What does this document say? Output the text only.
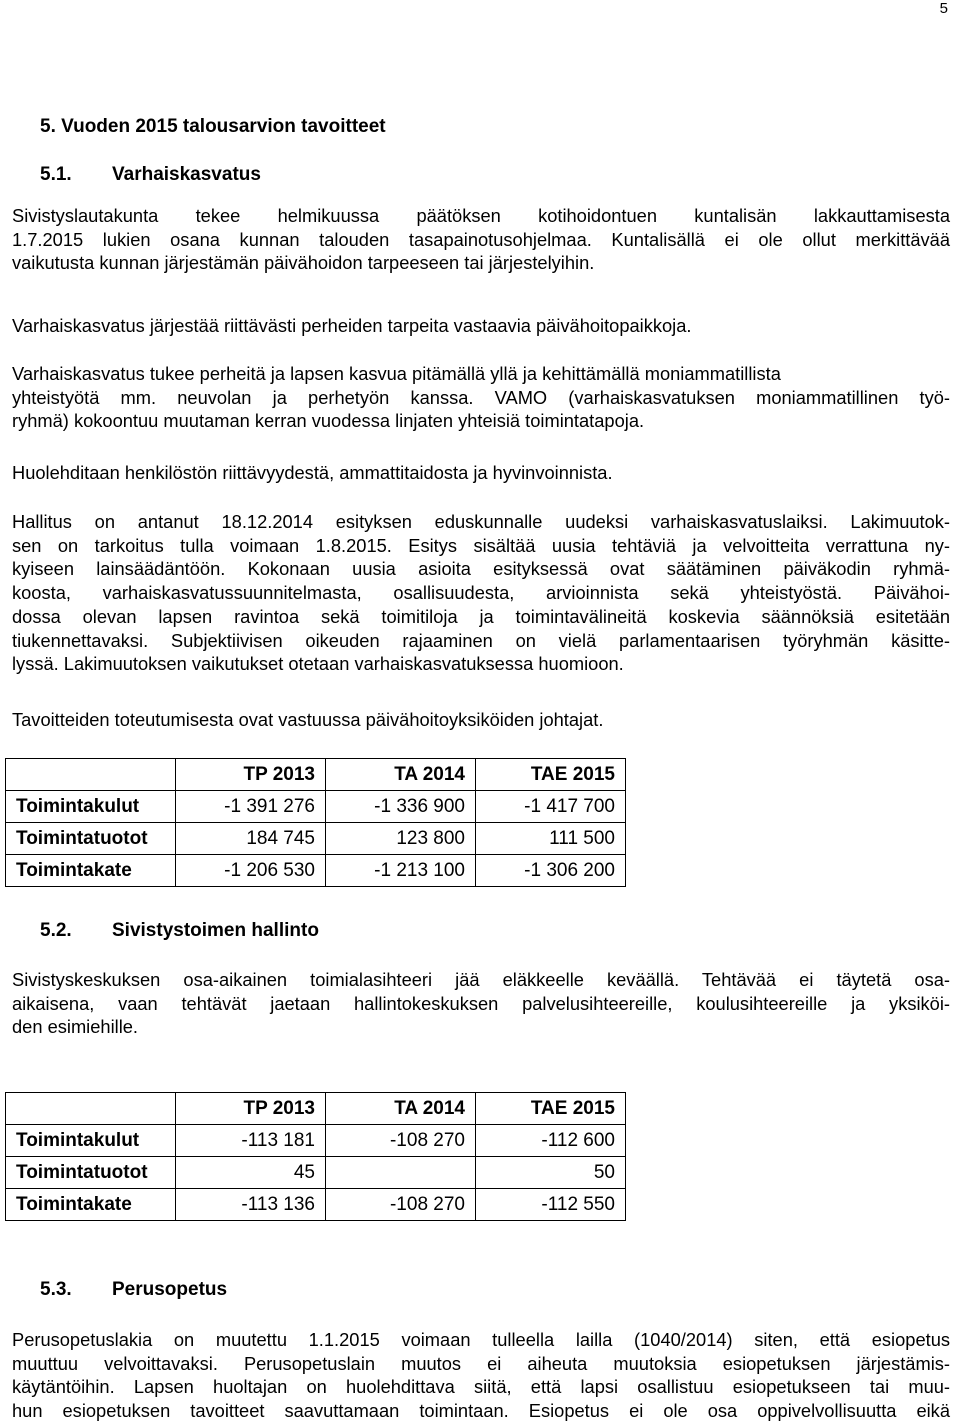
5
5. Vuoden 2015 talousarvion tavoitteet
5.1. Varhaiskasvatus
Sivistyslautakunta tekee helmikuussa päätöksen kotihoidontuen kuntalisän lakkauttamisesta
1.7.2015 lukien osana kunnan talouden tasapainotusohjelmaa. Kuntalisällä ei ole ollut merkittävää
vaikutusta kunnan järjestämän päivähoidon tarpeeseen tai järjestelyihin.
Varhaiskasvatus järjestää riittävästi perheiden tarpeita vastaavia päivähoitopaikkoja.
Varhaiskasvatus tukee perheitä ja lapsen kasvua pitämällä yllä ja kehittämällä moniammatillista
yhteistyötä mm. neuvolan ja perhetyön kanssa. VAMO (varhaiskasvatuksen moniammatillinen työ-
ryhmä) kokoontuu muutaman kerran vuodessa linjaten yhteisiä toimintatapoja.
Huolehditaan henkilöstön riittävyydestä, ammattitaidosta ja hyvinvoinnista.
Hallitus on antanut 18.12.2014 esityksen eduskunnalle uudeksi varhaiskasvatuslaiksi. Lakimuutok-
sen on tarkoitus tulla voimaan 1.8.2015. Esitys sisältää uusia tehtäviä ja velvoitteita verrattuna ny-
kyiseen lainsäädäntöön. Kokonaan uusia asioita esityksessä ovat säätäminen päiväkodin ryhmä-
koosta, varhaiskasvatussuunnitelmasta, osallisuudesta, arvioinnista sekä yhteistyöstä. Päivähoi-
dossa olevan lapsen ravintoa sekä toimitiloja ja toimintavälineitä koskevia säännöksiä esitetään
tiukennettavaksi. Subjektiivisen oikeuden rajaaminen on vielä parlamentaarisen työryhmän käsitte-
lyssä. Lakimuutoksen vaikutukset otetaan varhaiskasvatuksessa huomioon.
Tavoitteiden toteutumisesta ovat vastuussa päivähoitoyksiköiden johtajat.
	TP 2013	TA 2014	TAE 2015
Toimintakulut	-1 391 276	-1 336 900	-1 417 700
Toimintatuotot	184 745	123 800	111 500
Toimintakate	-1 206 530	-1 213 100	-1 306 200
5.2. Sivistystoimen hallinto
Sivistyskeskuksen osa-aikainen toimialasihteeri jää eläkkeelle keväällä. Tehtävää ei täytetä osa-
aikaisena, vaan tehtävät jaetaan hallintokeskuksen palvelusihteereille, koulusihteereille ja yksiköi-
den esimiehille.
	TP 2013	TA 2014	TAE 2015
Toimintakulut	-113 181	-108 270	-112 600
Toimintatuotot	45		50
Toimintakate	-113 136	-108 270	-112 550
5.3. Perusopetus
Perusopetuslakia on muutettu 1.1.2015 voimaan tulleella lailla (1040/2014) siten, että esiopetus
muuttuu velvoittavaksi. Perusopetuslain muutos ei aiheuta muutoksia esiopetuksen järjestämis-
käytäntöihin. Lapsen huoltajan on huolehdittava siitä, että lapsi osallistuu esiopetukseen tai muu-
hun esiopetuksen tavoitteet saavuttamaan toimintaan. Esiopetus ei ole osa oppivelvollisuutta eikä
